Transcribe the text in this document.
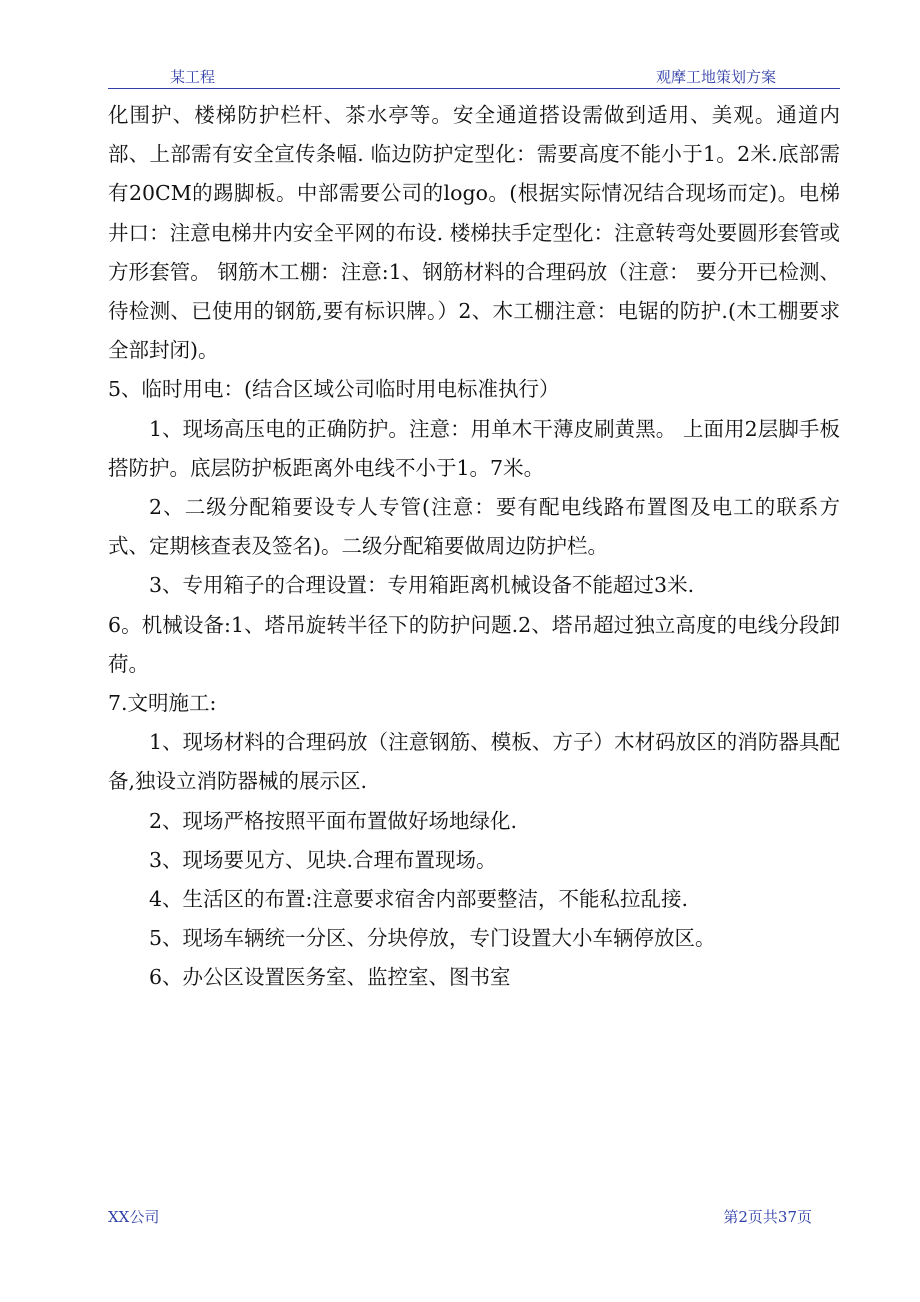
某工程	观摩工地策划方案

化围护、楼梯防护栏杆、茶水亭等。安全通道搭设需做到适用、美观。通道内部、上部需有安全宣传条幅. 临边防护定型化：需要高度不能小于1。2米.底部需有20CM的踢脚板。中部需要公司的logo。(根据实际情况结合现场而定)。电梯井口：注意电梯井内安全平网的布设. 楼梯扶手定型化：注意转弯处要圆形套管或方形套管。 钢筋木工棚：注意:1、钢筋材料的合理码放（注意： 要分开已检测、待检测、已使用的钢筋,要有标识牌。）2、木工棚注意：电锯的防护.(木工棚要求全部封闭)。

5、临时用电：(结合区域公司临时用电标准执行）

1、现场高压电的正确防护。注意：用单木干薄皮刷黄黑。 上面用2层脚手板搭防护。底层防护板距离外电线不小于1。7米。

2、二级分配箱要设专人专管(注意：要有配电线路布置图及电工的联系方式、定期核查表及签名)。二级分配箱要做周边防护栏。

3、专用箱子的合理设置：专用箱距离机械设备不能超过3米.

6。机械设备:1、塔吊旋转半径下的防护问题.2、塔吊超过独立高度的电线分段卸荷。

7.文明施工:

1、现场材料的合理码放（注意钢筋、模板、方子）木材码放区的消防器具配备,独设立消防器械的展示区.

2、现场严格按照平面布置做好场地绿化.

3、现场要见方、见块.合理布置现场。

4、生活区的布置:注意要求宿舍内部要整洁，不能私拉乱接.

5、现场车辆统一分区、分块停放，专门设置大小车辆停放区。

6、办公区设置医务室、监控室、图书室

XX公司	第2页共37页
